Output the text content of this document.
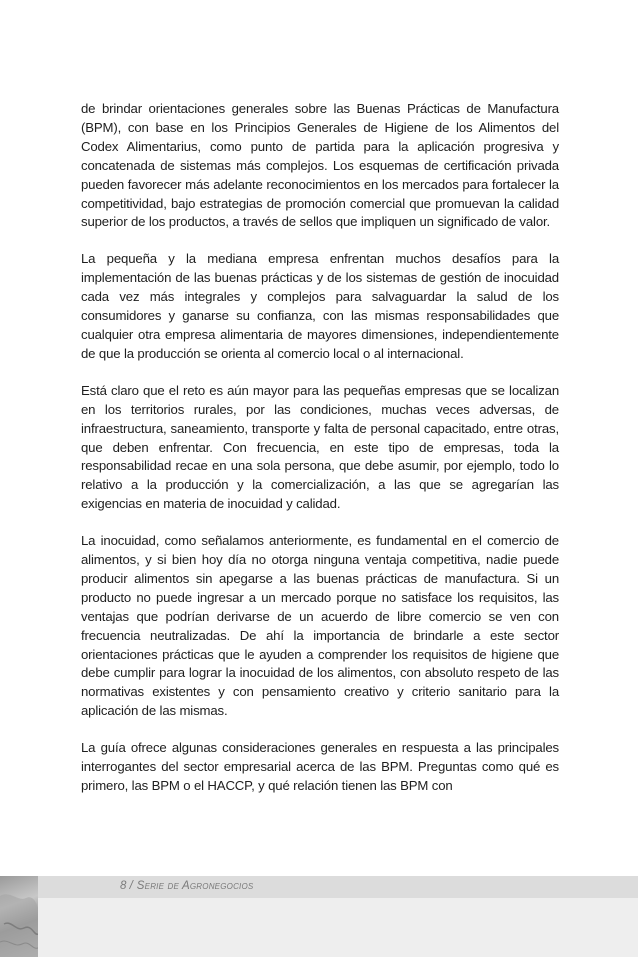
de brindar orientaciones generales sobre las Buenas Prácticas de Manufactura (BPM), con base en los Principios Generales de Higiene de los Alimentos del Codex Alimentarius, como punto de partida para la aplicación progresiva y concatenada de sistemas más complejos. Los esquemas de certificación privada pueden favorecer más adelante reconocimientos en los mercados para fortalecer la competitividad, bajo estrategias de promoción comercial que promuevan la calidad superior de los productos, a través de sellos que impliquen un significado de valor.

La pequeña y la mediana empresa enfrentan muchos desafíos para la implementación de las buenas prácticas y de los sistemas de gestión de inocuidad cada vez más integrales y complejos para salvaguardar la salud de los consumidores y ganarse su confianza, con las mismas responsabilidades que cualquier otra empresa alimentaria de mayores dimensiones, independientemente de que la producción se orienta al comercio local o al internacional.

Está claro que el reto es aún mayor para las pequeñas empresas que se localizan en los territorios rurales, por las condiciones, muchas veces adversas, de infraestructura, saneamiento, transporte y falta de personal capacitado, entre otras, que deben enfrentar. Con frecuencia, en este tipo de empresas, toda la responsabilidad recae en una sola persona, que debe asumir, por ejemplo, todo lo relativo a la producción y la comercialización, a las que se agregarían las exigencias en materia de inocuidad y calidad.

La inocuidad, como señalamos anteriormente, es fundamental en el comercio de alimentos, y si bien hoy día no otorga ninguna ventaja competitiva, nadie puede producir alimentos sin apegarse a las buenas prácticas de manufactura. Si un producto no puede ingresar a un mercado porque no satisface los requisitos, las ventajas que podrían derivarse de un acuerdo de libre comercio se ven con frecuencia neutralizadas. De ahí la importancia de brindarle a este sector orientaciones prácticas que le ayuden a comprender los requisitos de higiene que debe cumplir para lograr la inocuidad de los alimentos, con absoluto respeto de las normativas existentes y con pensamiento creativo y criterio sanitario para la aplicación de las mismas.

La guía ofrece algunas consideraciones generales en respuesta a las principales interrogantes del sector empresarial acerca de las BPM. Preguntas como qué es primero, las BPM o el HACCP, y qué relación tienen las BPM con

8 / Serie de Agronegocios
